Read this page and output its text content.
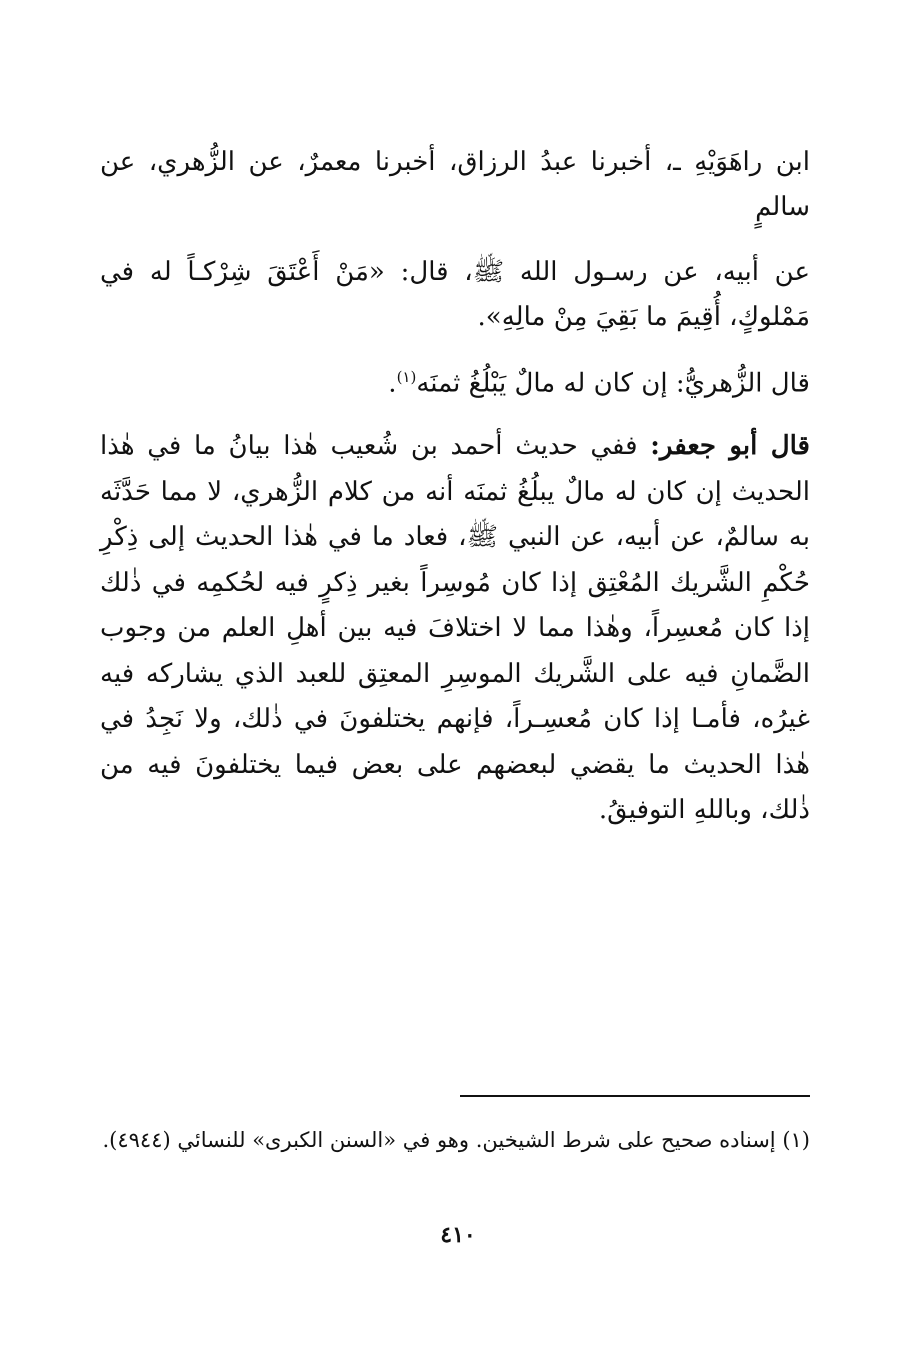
ابن راهَوَيْهِ ـ، أخبرنا عبدُ الرزاق، أخبرنا معمرٌ، عن الزُّهري، عن سالمٍ

عن أبيه، عن رسـول الله ﷺ، قال: «مَنْ أَعْتَقَ شِرْكـاً له في مَمْلوكٍ، أُقِيمَ ما بَقِيَ مِنْ مالِهِ».

قال الزُّهريُّ: إن كان له مالٌ يَبْلُغُ ثمنَه$^{(١)}$.

قال أبو جعفر: ففي حديث أحمد بن شُعيب هٰذا بيانُ ما في هٰذا الحديث إن كان له مالٌ يبلُغُ ثمنَه أنه من كلام الزُّهري، لا مما حَدَّثَه به سالمٌ، عن أبيه، عن النبي ﷺ، فعاد ما في هٰذا الحديث إلى ذِكْرِ حُكْمِ الشَّريك المُعْتِق إذا كان مُوسِراً بغير ذِكرٍ فيه لحُكمِه في ذٰلك إذا كان مُعسِراً، وهٰذا مما لا اختلافَ فيه بين أهلِ العلم من وجوب الضَّمانِ فيه على الشَّريك الموسِرِ المعتِق للعبد الذي يشاركه فيه غيرُه، فأمـا إذا كان مُعسِـراً، فإنهم يختلفونَ في ذٰلك، ولا نَجِدُ في هٰذا الحديث ما يقضي لبعضهم على بعض فيما يختلفونَ فيه من ذٰلك، وباللهِ التوفيقُ.

(١) إسناده صحيح على شرط الشيخين. وهو في «السنن الكبرى» للنسائي (٤٩٤٤).

٤١٠
